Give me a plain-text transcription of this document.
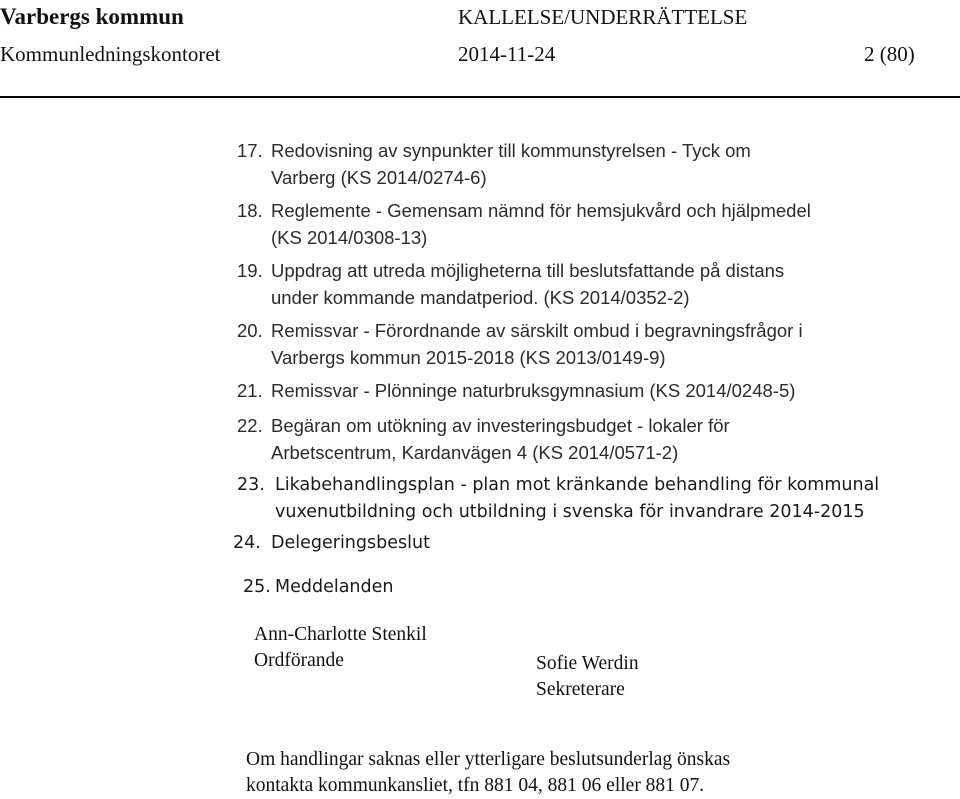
Varbergs kommun	KALLELSE/UNDERRÄTTELSE
Kommunledningskontoret	2014-11-24	2 (80)
17. Redovisning av synpunkter till kommunstyrelsen - Tyck om
Varberg (KS 2014/0274-6)
18. Reglemente - Gemensam nämnd för hemsjukvård och hjälpmedel
(KS 2014/0308-13)
19. Uppdrag att utreda möjligheterna till beslutsfattande på distans
under kommande mandatperiod. (KS 2014/0352-2)
20. Remissvar - Förordnande av särskilt ombud i begravningsfrågor i
Varbergs kommun 2015-2018 (KS 2013/0149-9)
21. Remissvar - Plönninge naturbruksgymnasium (KS 2014/0248-5)
22. Begäran om utökning av investeringsbudget - lokaler för
Arbetscentrum, Kardanvägen 4 (KS 2014/0571-2)
23. Likabehandlingsplan - plan mot kränkande behandling för kommunal
vuxenutbildning och utbildning i svenska för invandrare 2014-2015
24. Delegeringsbeslut
25. Meddelanden
Ann-Charlotte Stenkil
Ordförande	Sofie Werdin
Sekreterare
Om handlingar saknas eller ytterligare beslutsunderlag önskas
kontakta kommunkansliet, tfn 881 04, 881 06 eller 881 07.
